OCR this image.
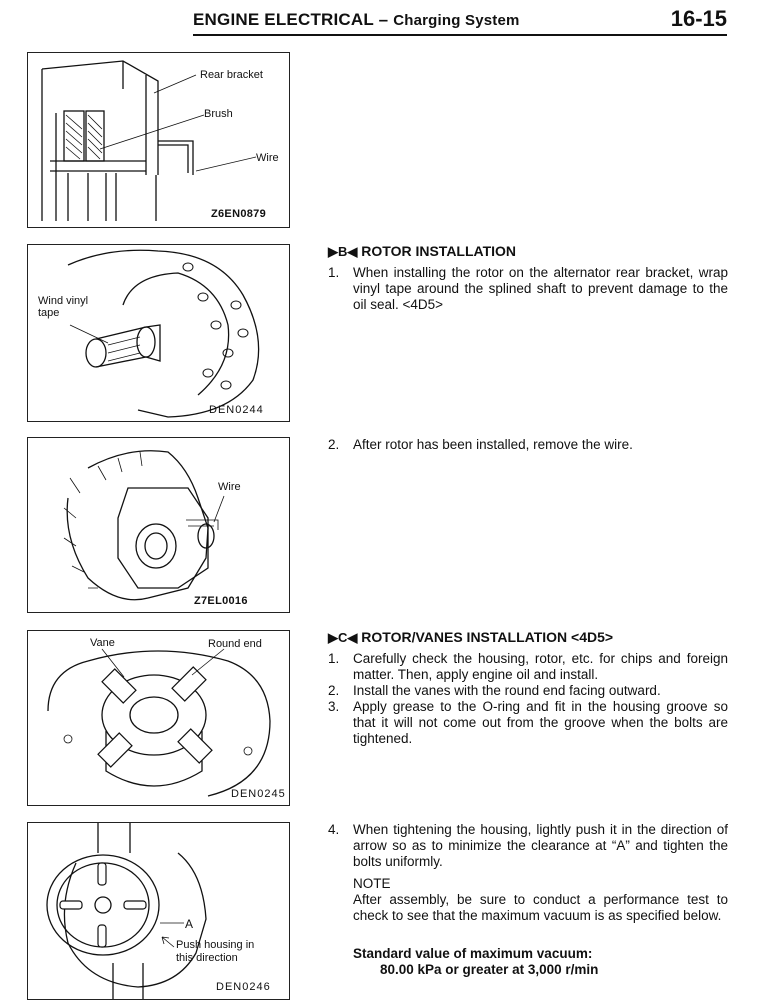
ENGINE ELECTRICAL – Charging System	16-15
Rear bracket
Brush
Wire
Z6EN0879
Wind vinyl
tape
DEN0244
Wire
Z7EL0016
Vane	Round end
DEN0245
A
Push housing in
this direction
DEN0246
▶B◀ ROTOR INSTALLATION
1. When installing the rotor on the alternator rear bracket, wrap vinyl tape around the splined shaft to prevent damage to the oil seal. <4D5>
2. After rotor has been installed, remove the wire.
▶C◀ ROTOR/VANES INSTALLATION <4D5>
1. Carefully check the housing, rotor, etc. for chips and foreign matter. Then, apply engine oil and install.
2. Install the vanes with the round end facing outward.
3. Apply grease to the O-ring and fit in the housing groove so that it will not come out from the groove when the bolts are tightened.
4. When tightening the housing, lightly push it in the direction of arrow so as to minimize the clearance at “A” and tighten the bolts uniformly.
NOTE
After assembly, be sure to conduct a performance test to check to see that the maximum vacuum is as specified below.
Standard value of maximum vacuum:
80.00 kPa or greater at 3,000 r/min
